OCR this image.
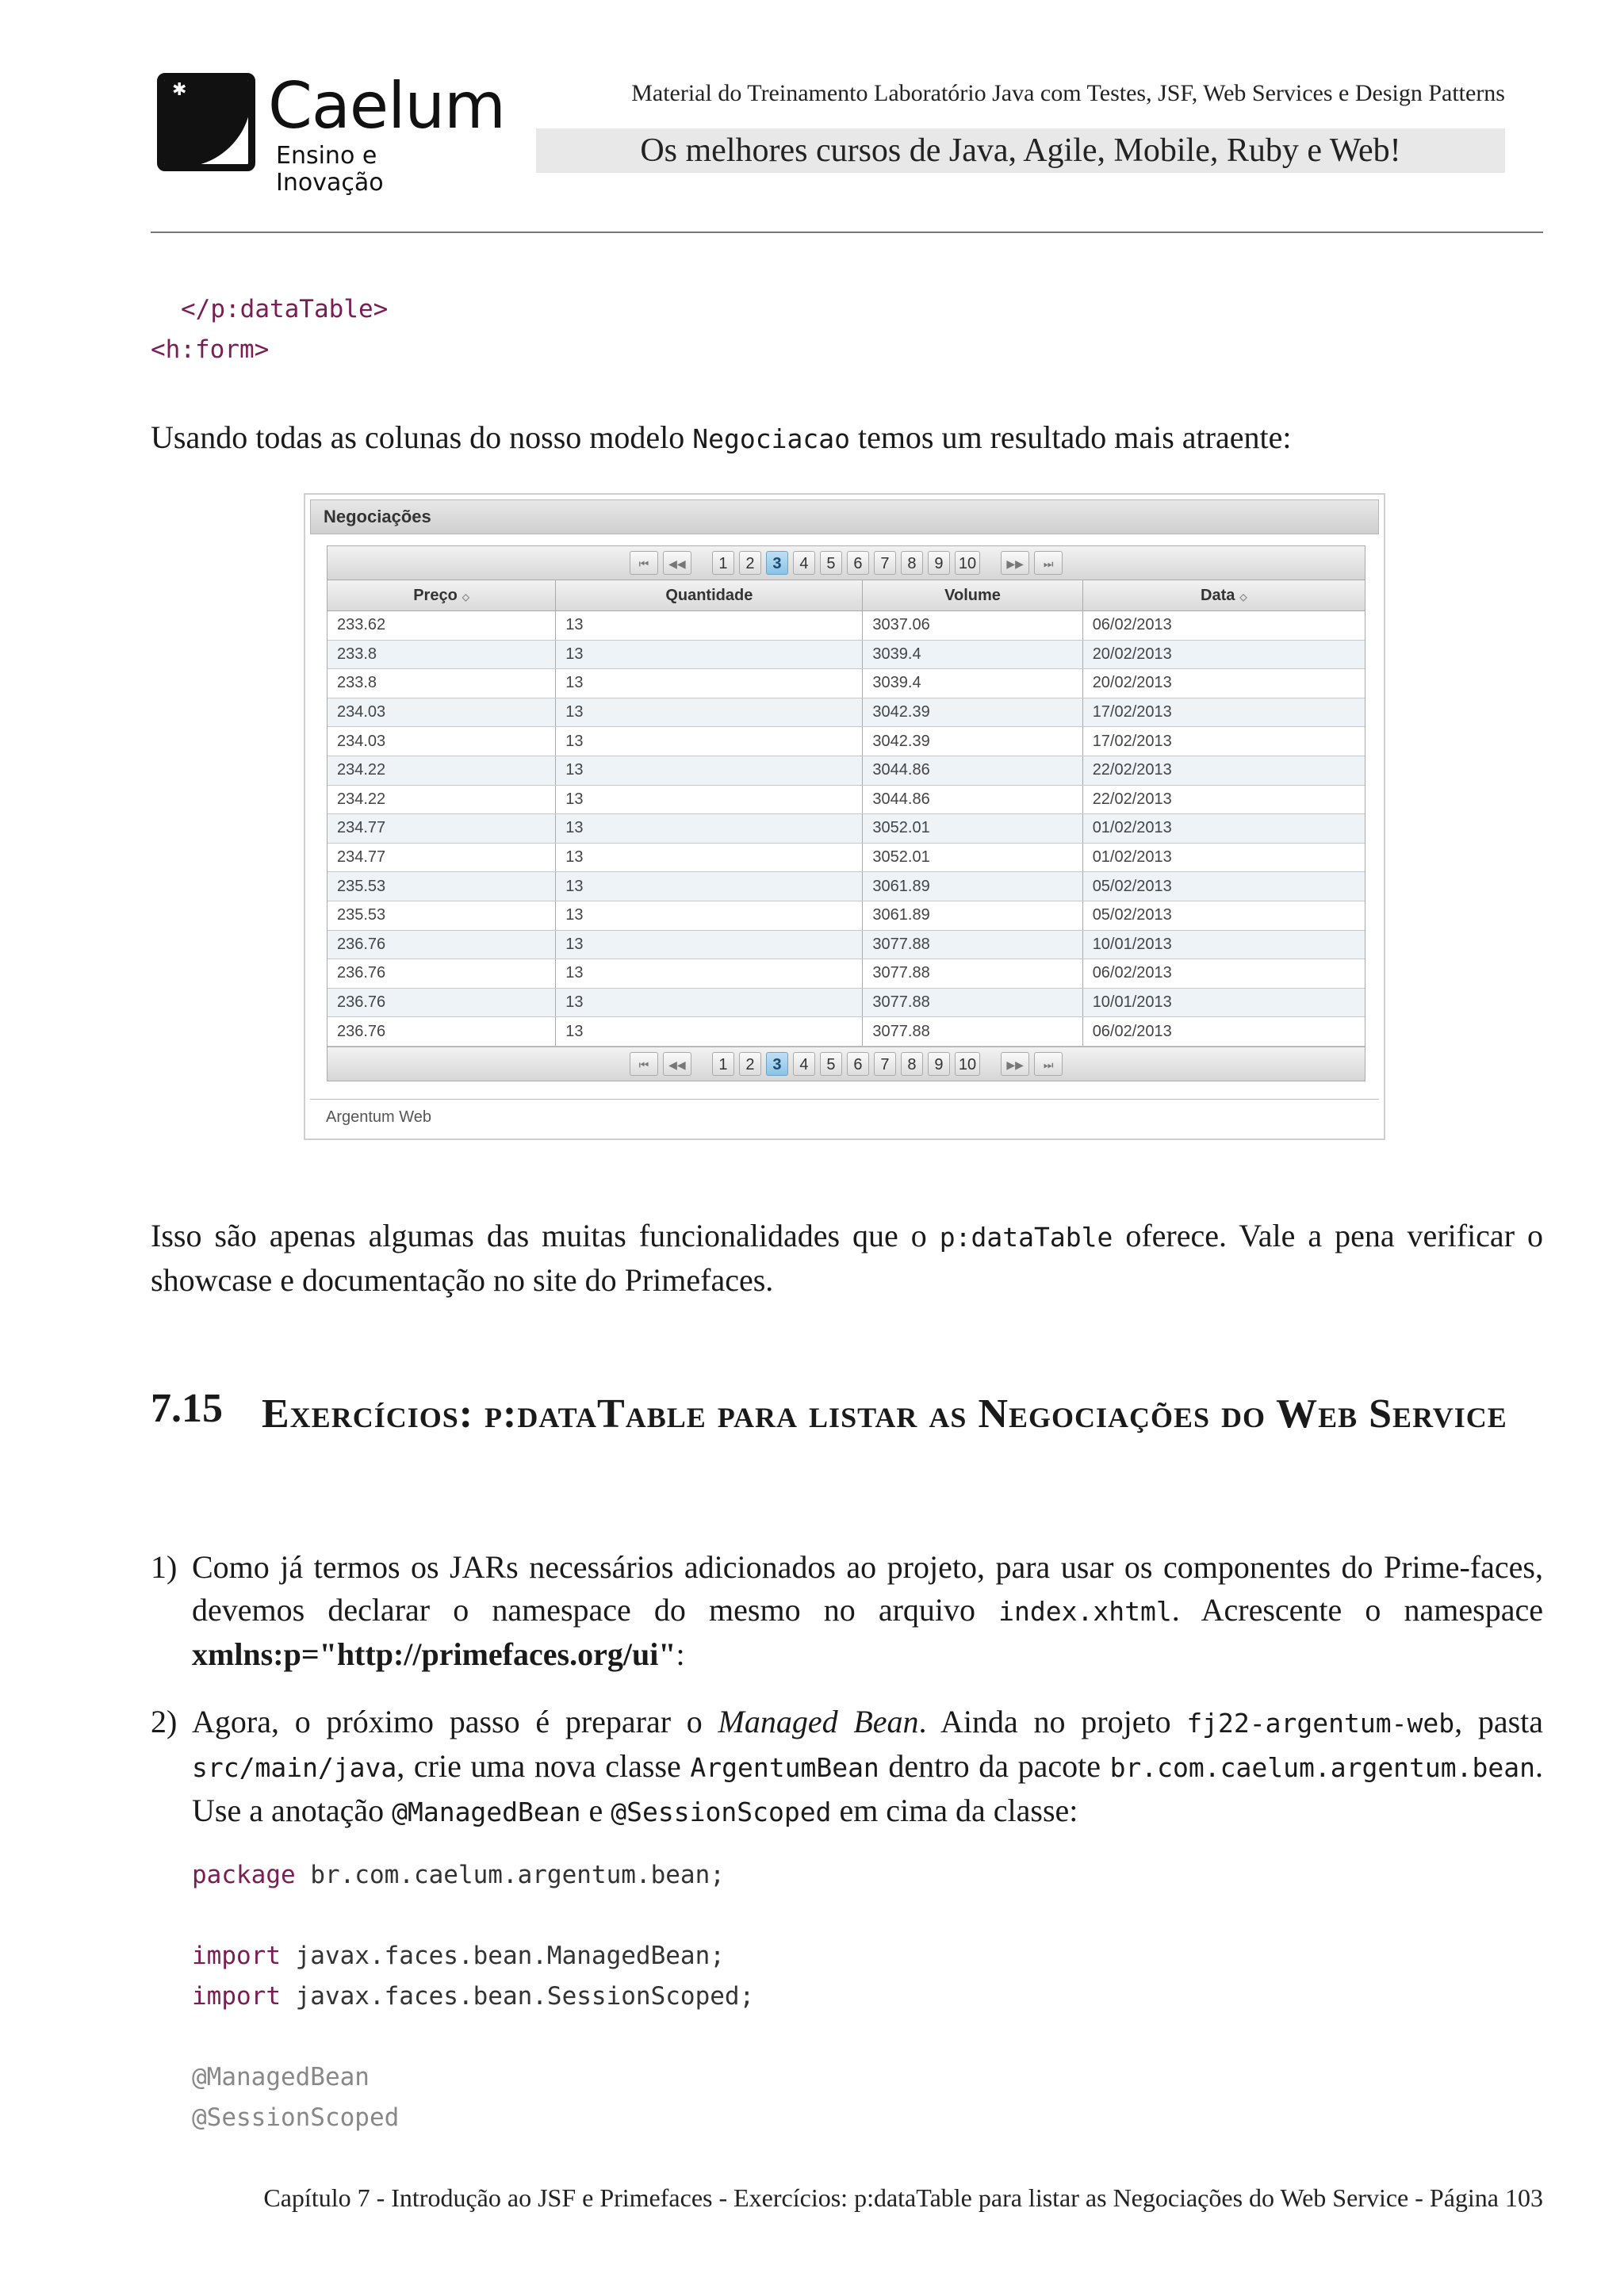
✱ Caelum
Ensino e Inovação
Material do Treinamento Laboratório Java com Testes, JSF, Web Services e Design Patterns
Os melhores cursos de Java, Agile, Mobile, Ruby e Web!
</p:dataTable>
<h:form>
Usando todas as colunas do nosso modelo Negociacao temos um resultado mais atraente:
Negociações
⏮	◀◀	1	2	3	4	5	6	7	8	9 10	▶▶	⏭
Preço ◇	Quantidade	Volume	Data ◇
233.62	13	3037.06	06/02/2013
233.8	13	3039.4	20/02/2013
233.8	13	3039.4	20/02/2013
234.03	13	3042.39	17/02/2013
234.03	13	3042.39	17/02/2013
234.22	13	3044.86	22/02/2013
234.22	13	3044.86	22/02/2013
234.77	13	3052.01	01/02/2013
234.77	13	3052.01	01/02/2013
235.53	13	3061.89	05/02/2013
235.53	13	3061.89	05/02/2013
236.76	13	3077.88	10/01/2013
236.76	13	3077.88	06/02/2013
236.76	13	3077.88	10/01/2013
236.76	13	3077.88	06/02/2013
⏮	◀◀	1	2	3	4	5	6	7	8	9 10	▶▶	⏭
Argentum Web
Isso são apenas algumas das muitas funcionalidades que o p:dataTable oferece. Vale a pena verificar o showcase e documentação no site do Primefaces.
7.15 Exercícios: p:dataTable para listar as Negociações do Web Service
1) Como já termos os JARs necessários adicionados ao projeto, para usar os componentes do Prime-faces, devemos declarar o namespace do mesmo no arquivo index.xhtml. Acrescente o namespace xmlns:p="http://primefaces.org/ui":
2) Agora, o próximo passo é preparar o Managed Bean. Ainda no projeto fj22-argentum-web, pasta src/main/java, crie uma nova classe ArgentumBean dentro da pacote br.com.caelum.argentum.bean. Use a anotação @ManagedBean e @SessionScoped em cima da classe:
package br.com.caelum.argentum.bean;
import javax.faces.bean.ManagedBean;
import javax.faces.bean.SessionScoped;
@ManagedBean
@SessionScoped
Capítulo 7 - Introdução ao JSF e Primefaces - Exercícios: p:dataTable para listar as Negociações do Web Service - Página 103
